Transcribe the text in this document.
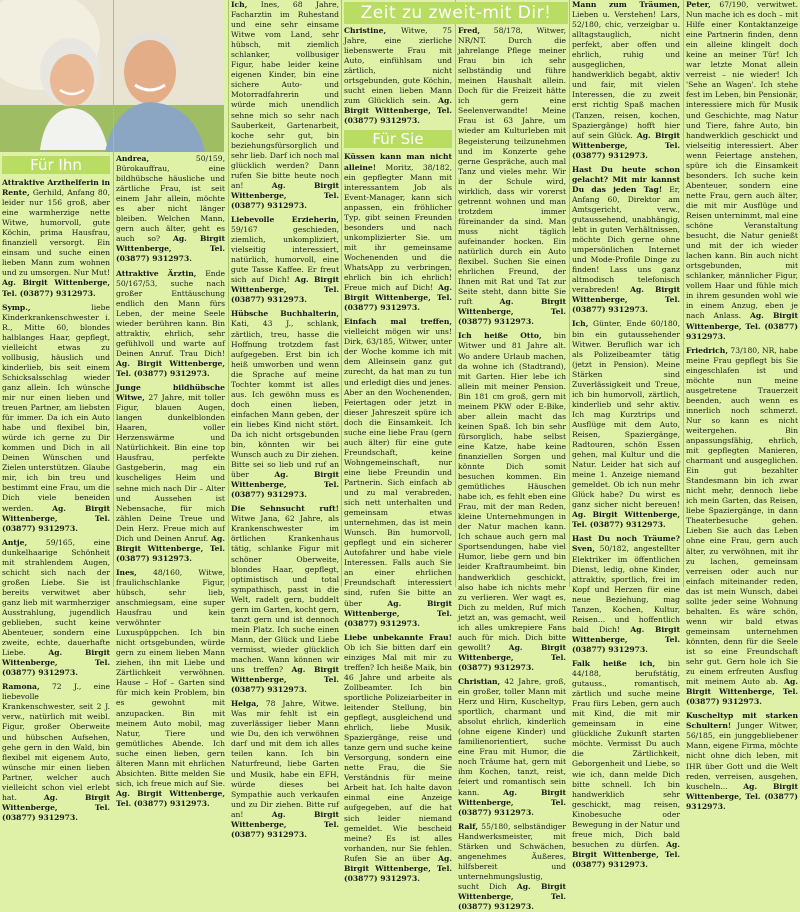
Für Ihn

Attraktive Arzthelferin in Rente, Gerhild, Anfang 80, leider nur 156 groß, aber eine warmherzige nette Witwe, humorvoll, gute Köchin, prima Hausfrau, finanziell versorgt. Ein einsam und suche einen lieben Mann zum wohnen und zu umsorgen. Nur Mut! Ag. Birgit Wittenberge, Tel. (03877) 9312973.

Symp., liebe Kinderkrankenschwester i. R., Mitte 60, blondes halblanges Haar, gepflegt, vielleicht etwas zu vollbusig, häuslich und kinderlieb, bis seit einem Schicksalsschlag wieder ganz allein. Ich wünsche mir nur einen lieben und treuen Partner, am liebsten für immer. Da ich ein Auto habe und flexibel bin, würde ich gerne zu Dir kommen und Dich in all Deinen Wünschen und Zielen unterstützen. Glaube mir, ich bin treu und bestimmt eine Frau, um die Dich viele beneiden werden. Ag. Birgit Wittenberge, Tel. (03877) 9312973.

Antje, 59/165, eine dunkelhaarige Schönheit mit strahlendem Augen, schicht sich nach der großen Liebe. Sie ist bereits verwitwet aber ganz lieb mit warmherziger Ausstrahlung, jugendlich geblieben, sucht keine Abenteuer, sondern eine zweite, echte, dauerhafte Liebe. Ag. Birgit Wittenberge, Tel. (03877) 9312973.

Ramona, 72 J., eine liebevolle Krankenschwester, seit 2 J. verw., natürlich mit weibl. Figur, großer Oberweite und hübschen Aufsehen, gehe gern in den Wald, bin flexibel mit eigenem Auto, wünsche mir einen lieben Partner, welcher auch vielleicht schon viel erlebt hat. Ag. Birgit Wittenberge, Tel. (03877) 9312973.

Andrea, 50/159, Bürokauffrau, eine bildhübsche häusliche und zärtliche Frau, ist seit einem Jahr allein, möchte es aber nicht länger bleiben. Welchen Mann, gern auch älter, geht es auch so? Ag. Birgit Wittenberge, Tel. (03877) 9312973.

Attraktive Ärztin, Ende 50/167/53, suche nach großer Enttäuschung endlich den Mann fürs Leben, der meine Seele wieder berühren kann. Bin attraktiv, ehrlich, sehr gefühlvoll und warte auf Deinen Anruf. Trau Dich! Ag. Birgit Wittenberge, Tel. (03877) 9312973.

Junge bildhübsche Witwe, 27 Jahre, mit toller Figur, blauen Augen, langen dunkelblonden Haaren, voller Herzenswärme und Natürlichkeit. Bin eine top Hausfrau, perfekte Gastgeberin, mag ein kuscheliges Heim und sehne mich nach Dir – Alter und Aussehen ist Nebensache, für mich zählen Deine Treue und Dein Herz. Freue mich auf Dich und Deinen Anruf. Ag. Birgit Wittenberge, Tel. (03877) 9312973.

Ines, 48/160, Witwe, fraulichschlanke Figur, hübsch, sehr lieb, anschmiegsam, eine super Hausfrau und kein verwöhnter Luxuspüppchen. Ich bin nicht ortsgebunden, würde gern zu einem lieben Mann ziehen, ihn mit Liebe und Zärtlichkeit verwöhnen. Hause – Hof – Garten sind für mich kein Problem, bin es gewohnt mit anzupacken. Bin mit meinem Auto mobil, mag Natur, Tiere und gemütliches Abende. Ich suche einen lieben, gern älteren Mann mit ehrlichen Absichten. Bitte melden Sie sich, ich freue mich auf Sie. Ag. Birgit Wittenberge, Tel. (03877) 9312973.

Ich, Ines, 68 Jahre, Facharztin im Ruhestand und eine sehr einsame Witwe vom Land, sehr hübsch, mit ziemlich schlanker, vollbusiger Figur, habe leider keine eigenen Kinder, bin eine sichere Auto- und Motorradfahrerin und würde mich unendlich sehne mich so sehr nach Sauberkeit, Gartenarbeit, koche sehr gut, bin beziehungsfürsorglich und sehr lieb. Darf ich noch mal glücklich werden? Dann rufen Sie bitte heute noch an! Ag. Birgit Wittenberge, Tel. (03877) 9312973.

Liebevolle Erzieherin, 59/167 geschieden, ziemlich, unkompliziert, vielseitig interessiert, natürlich, humorvoll, eine gute Tasse Kaffee. Er freut sich auf Dich! Ag. Birgit Wittenberge, Tel. (03877) 9312973.

Hübsche Buchhalterin, Kati, 43 J., schlank, zärtlich, treu, hasse die Hoffnung trotzdem fast aufgegeben. Erst bin ich heiß umworben und wenn die Sprache auf meine Tochter kommt ist alles aus. Ich gewöhn muss es doch einen lieben, einfachen Mann geben, der ein liebes Kind nicht stört. Da ich nicht ortsgebunden bin, könnten wir bei Wunsch auch zu Dir ziehen. Bitte sei so lieb und ruf an über Ag. Birgit Wittenberge, Tel. (03877) 9312973.

Die Sehnsucht ruft! Witwe Jana, 62 Jahre, als Krankenschwester im örtlichen Krankenhaus tätig, schlanke Figur mit schöner Oberweite, blondes Haar, gepflegt, optimistisch und total sympathisch, passt in die Welt, radelt gern, buddelt gern im Garten, kocht gern, tanzt gern und ist dennoch mein Platz. Ich suche einen Mann, der Glück und Liebe vermisst, wieder glücklich machen. Wann können wir uns treffen? Ag. Birgit Wittenberge, Tel. (03877) 9312973.

Helga, 78 Jahre, Witwe. Was mir fehlt ist ein zuverlässiger lieber Mann wie Du, den ich verwöhnen darf und mit dem ich alles teilen kann. Ich bin Naturfreund, liebe Garten und Musik, habe ein EFH, würde dieses bei Sympathie auch verkaufen und zu Dir ziehen. Bitte ruf an! Ag. Birgit Wittenberge, Tel. (03877) 9312973.

Zeit zu zweit-mit Dir!

Christine, Witwe, 75 Jahre, eine zierliche liebenswerte Frau mit Auto, einfühlsam und zärtlich, nicht ortsgebunden, gute Köchin, sucht einen lieben Mann zum Glücklich sein. Ag. Birgit Wittenberge, Tel. (03877) 9312973.

Für Sie

Küssen kann man nicht alleine! Moritz, 38/182, ein gepflegter Mann mit interessantem Job als Event-Manager, kann sich anpassen, ein fröhlicher Typ, gibt seinen Freunden besonders und nach unkomplizierter Sie. um mit ihr gemeinsame Wochenenden und die WhatsApp zu verbringen, ehrlich bin ich ehrlich! Freue mich auf Dich! Ag. Birgit Wittenberge, Tel. (03877) 9312973.

Einfach mal treffen, vielleicht mögen wir uns! Dirk, 63/185, Witwer, unter der Woche komme ich mit dem Alleinsein ganz gut zurecht, da hat man zu tun und erledigt dies und jenes. Aber an den Wochenenden, Feiertagen oder jetzt in dieser Jahreszeit spüre ich doch die Einsamkeit. Ich suche eine liebe Frau (gern auch älter) für eine gute Freundschaft, keine Wohngemeinschaft, nur eine liebe Freundin und Partnerin. Sich einfach ab und zu mal verabreden, sich nett unterhalten und gemeinsam etwas unternehmen, das ist mein Wunsch. Bin humorvoll, gepflegt und ein sicherer Autofahrer und habe viele Interessen. Falls auch Sie an einer ehrlichen Freundschaft interessiert sind, rufen Sie bitte an über Ag. Birgit Wittenberge, Tel. (03877) 9312973.

Liebe unbekannte Frau! Ob ich Sie bitten darf ein einziges Mal mit mir zu treffen? Ich heiße Maik, bin 46 Jahre und arbeite als Zollbeamter. Ich bin sportliche Polizeiarbeiter in leitender Stellung, bin gepflegt, ausgleichend und ehrlich, liebe Musik, Spaziergänge, reise und tanze gern und suche keine Versorgung, sondern eine nette Frau, die Sie Verständnis für meine Arbeit hat. Ich halte davon einmal eine Anzeige aufgegeben, auf die hat sich leider niemand gemeldet. Wie bescheid meine? Es ist alles vorhanden, nur Sie fehlen. Rufen Sie an über Ag. Birgit Wittenberge, Tel. (03877) 9312973.

Fred, 58/178, Witwer, NR/NT. Durch die jahrelange Pflege meiner Frau bin ich sehr selbständig und führe meinen Haushalt allein. Doch für die Freizeit hätte ich gern eine Seelenverwandte! Meine Frau ist 63 Jahre, um wieder am Kulturleben mit Begeisterung teilzunehmen und im Konzerte gehe gerne Gespräche, auch mal Tanz und vieles mehr. Wir in der Schule wird, wirklich, dass wir vorerst getrennt wohnen und man trotzdem immer füreinander da sind. Man muss nicht täglich aufeinander hocken. Ein natürlich durch ein Auto flexibel. Suchen Sie einen ehrlichen Freund, der Ihnen mit Rat und Tat zur Seite steht, dann bitte Sie ruft Ag. Birgit Wittenberge, Tel. (03877) 9312973.

Ich heiße Otto, bin Witwer und 81 Jahre alt. Wo andere Urlaub machen, da wohne ich (Stadtrand), mit Garten. Hier lebe ich allein mit meiner Pension. Bin 181 cm groß, gern mit meinem PKW oder E-Bike, aber allein macht das keinen Spaß. Ich bin sehr fürsorglich, habe selbst eine Katze, habe keine finanziellen Sorgen und könnte Dich somit besuchen kommen. Ein gemütliches Häuschen habe ich, es fehlt eben eine Frau, mit der man Reden, kleine Unternehmungen in der Natur machen kann. Ich schaue auch gern mal Sportsendungen, habe viel Humor, liebe gern und bin leider Kraftraumbeimt. bin handwerklich geschickt, also habe ich nichts mehr zu verlieren. Wer wagt es, Dich zu melden, Ruf mich jetzt an, was gemacht, weil ich alles umkrepiere Fans auch für mich. Dich bitte gewollt? Ag. Birgit Wittenberge, Tel. (03877) 9312973.

Christian, 42 Jahre, groß, ein großer, toller Mann mit Herz und Hirn, Kuscheltyp, sportlich, charmant und absolut ehrlich, kinderlich (ohne eigene Kinder) und familienorientiert, suche eine Frau mit Humor, die noch Träume hat, gern mit ihm Kochen, tanzt, reist, feiert und romantisch sein kann. Ag. Birgit Wittenberge, Tel. (03877) 9312973.

Ralf, 55/180, selbständiger Handwerksmeister, mit Stärken und Schwächen, angenehmes Äußeres, hilfsbereit und unternehmungslustig, sucht Dich Ag. Birgit Wittenberge, Tel. (03877) 9312973.

Mann zum Träumen, Lieben u. Verstehen! Lars, 52/180, chic, verzeigbar u. alltagstauglich, nicht perfekt, aber offen und ehrlich, ruhig und ausgeglichen, handwerklich begabt, aktiv und fair, mit vielen Interessen, die zu zweit erst richtig Spaß machen (Tanzen, reisen, kochen, Spaziergänge) hofft hier auf sein Glück. Ag. Birgit Wittenberge, Tel. (03877) 9312973.

Hast Du heute schon gelacht? Mit mir kannst Du das jeden Tag! Er, Anfang 60, Direktor am Amtsgericht, verw., gutaussehend, unabhängig, lebt in guten Verhältnissen, möchte Dich gerne ohne umpersönlichen Internet und Mode-Profile Dinge zu finden! Lass uns ganz altmodisch telefonisch verabreden! Ag. Birgit Wittenberge, Tel. (03877) 9312973.

Ich, Günter, Ende 60/180, bin ein gutaussehender Witwer. Beruflich war ich als Polizeibeamter tätig (jetzt in Pension). Meine Stärken sind Zuverlässigkeit und Treue, ich bin humorvoll, zärtlich, kinderlieb und sehr aktiv. Ich mag Kurztrips und Ausflüge mit dem Auto, Reisen, Spaziergänge, Radtouren, schön Essen gehen, mal Kultur und die Natur. Leider hat sich auf meine 1. Anzeige niemand gemeldet. Ob ich nun mehr Glück habe? Du wirst es ganz sicher nicht bereuen! Ag. Birgit Wittenberge, Tel. (03877) 9312973.

Hast Du noch Träume? Sven, 50/182, angestellter Elektriker im öffentlichen Dienst, ledig, ohne Kinder, attraktiv, sportlich, frei im Kopf und Herzen für eine neue Beziehung, mag Tanzen, Kochen, Kultur, Reisen... und hoffentlich bald Dich! Ag. Birgit Wittenberge, Tel. (03877) 9312973.

Falk heiße ich, bin 44/188, berufstätig, gutauss., romantisch, zärtlich und suche meine Frau fürs Leben, gern auch mit Kind, die mit mir gemeinsam in eine glückliche Zukunft starten möchte. Vermisst Du auch die Zärtlichkeit, Geborgenheit und Liebe, so wie ich, dann melde Dich bitte schnell. Ich bin handwerklich sehr geschickt, mag reisen, Kinobesuche oder Bewegung in der Natur und freue mich, Dich bald besuchen zu dürfen. Ag. Birgit Wittenberge, Tel. (03877) 9312973.

Peter, 67/190, verwitwet. Nun mache ich es doch – mit Hilfe einer Kontaktanzeige eine Partnerin finden, denn ein alleine klingelt doch keine an meiner Tür! Ich war letzte Monat allein verreist – nie wieder! Ich 'Sehe an Wagen'. Ich stehe fest im Leben, bin Pensionär, interessiere mich für Musik und Geschichte, mag Natur und Tiere, fahre Auto, bin handwerklich geschickt und vielseitig interessiert. Aber wenn Feiertage anstehen, spüre ich die Einsamkeit besonders. Ich suche kein Abenteuer, sondern eine nette Frau, gern auch älter, die mit mir Ausflüge und Reisen unternimmt, mal eine schöne Veranstaltung besucht, die Natur genießt und mit der ich wieder lachen kann. Bin auch nicht ortsgebunden, mit schlanker, männlicher Figur, vollem Haar und fühle mich in ihrem gesunden wohl wie in einem Anzug, eben je nach Anlass. Ag. Birgit Wittenberge, Tel. (03877) 9312973.

Friedrich, 73/180, NR, habe meine Frau gepflegt bis Sie eingeschlafen ist und möchte nun meine ausgetretene Trauerzeit beenden, auch wenn es innerlich noch schmerzt. Nur so kann es nicht weitergehen. Bin anpassungsfähig, ehrlich, mit gepflegten Manieren, charmant und ausgeglichen. Ein gut bezahlter Standesmann bin ich zwar nicht mehr, dennoch liebe ich mein Garten, das Reisen, liebe Spaziergänge, in dann Theaterbesuche gehen. Lieben Sie auch das Leben ohne eine Frau, gern auch älter, zu verwöhnen, mit ihr zu lachen, gemeinsam verreisen oder auch nur einfach miteinander reden, das ist mein Wunsch, dabei sollte jeder seine Wohnung behalten. Es wäre schön, wenn wir bald etwas gemeinsam unternehmen könnten, denn für die Seele ist so eine Freundschaft sehr gut. Gern hole ich Sie zu einem erfreuten Ausflug mit meinem Auto ab. Ag. Birgit Wittenberge, Tel. (03877) 9312973.

Kuscheltyp mit starken Schultern! Junger Witwer, 56/185, ein junggebliebener Mann, eigene Firma, möchte nicht ohne dich leben, mit IHR über Gott und die Welt reden, verreisen, ausgehen, kuscheln... Ag. Birgit Wittenberge, Tel. (03877) 9312973.
